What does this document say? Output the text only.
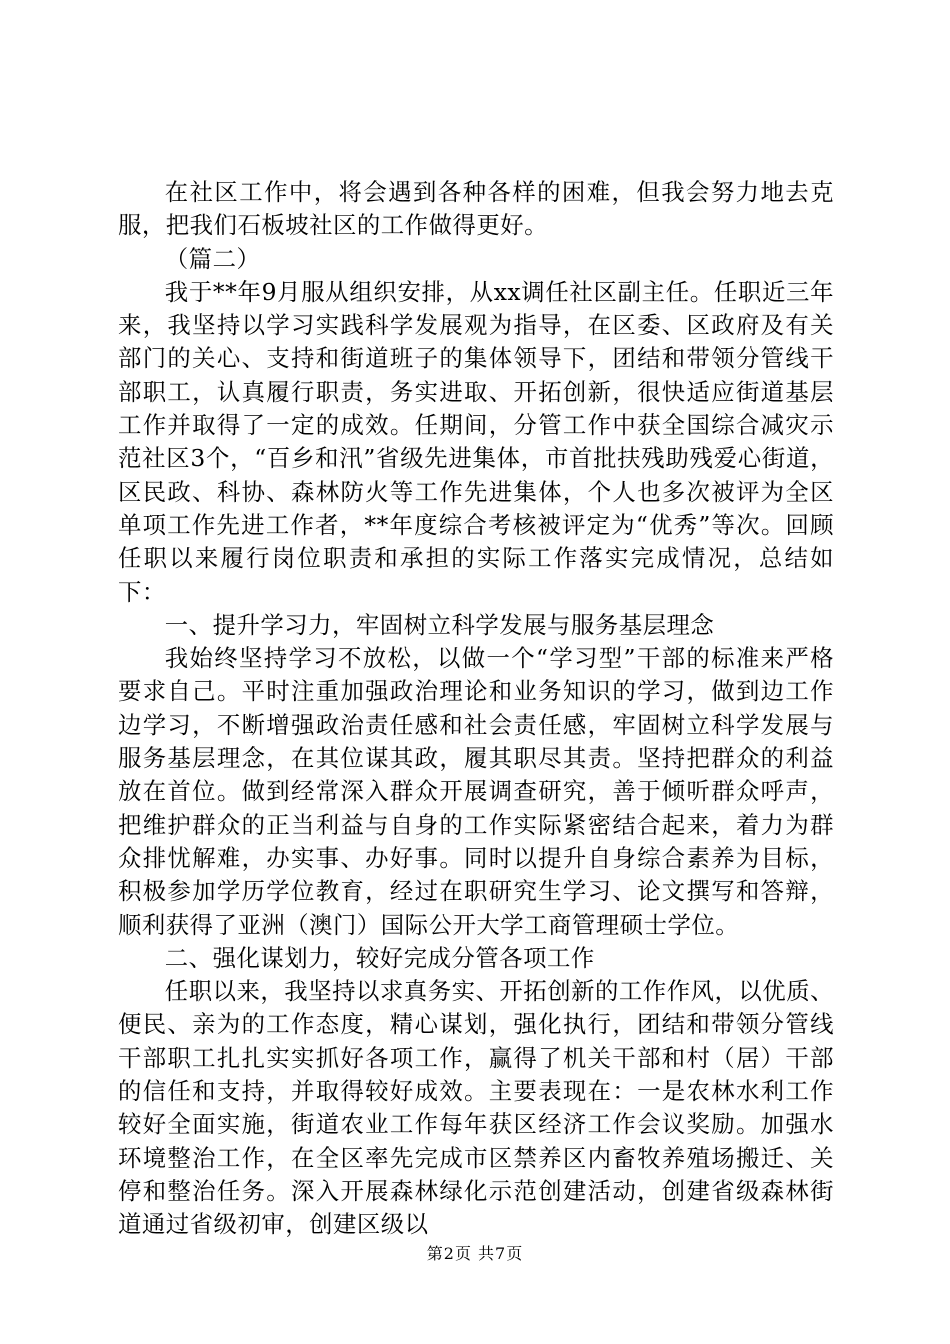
在社区工作中，将会遇到各种各样的困难，但我会努力地去克服，把我们石板坡社区的工作做得更好。

（篇二）

我于**年9月服从组织安排，从xx调任社区副主任。任职近三年来，我坚持以学习实践科学发展观为指导，在区委、区政府及有关部门的关心、支持和街道班子的集体领导下，团结和带领分管线干部职工，认真履行职责，务实进取、开拓创新，很快适应街道基层工作并取得了一定的成效。任期间，分管工作中获全国综合减灾示范社区3个，“百乡和汛”省级先进集体，市首批扶残助残爱心街道，区民政、科协、森林防火等工作先进集体，个人也多次被评为全区单项工作先进工作者，**年度综合考核被评定为“优秀”等次。回顾任职以来履行岗位职责和承担的实际工作落实完成情况，总结如下：

一、提升学习力，牢固树立科学发展与服务基层理念

我始终坚持学习不放松，以做一个“学习型”干部的标准来严格要求自己。平时注重加强政治理论和业务知识的学习，做到边工作边学习，不断增强政治责任感和社会责任感，牢固树立科学发展与服务基层理念，在其位谋其政，履其职尽其责。坚持把群众的利益放在首位。做到经常深入群众开展调查研究，善于倾听群众呼声，把维护群众的正当利益与自身的工作实际紧密结合起来，着力为群众排忧解难，办实事、办好事。同时以提升自身综合素养为目标，积极参加学历学位教育，经过在职研究生学习、论文撰写和答辩，顺利获得了亚洲（澳门）国际公开大学工商管理硕士学位。

二、强化谋划力，较好完成分管各项工作

任职以来，我坚持以求真务实、开拓创新的工作作风，以优质、便民、亲为的工作态度，精心谋划，强化执行，团结和带领分管线干部职工扎扎实实抓好各项工作，赢得了机关干部和村（居）干部的信任和支持，并取得较好成效。主要表现在：一是农林水利工作较好全面实施，街道农业工作每年获区经济工作会议奖励。加强水环境整治工作，在全区率先完成市区禁养区内畜牧养殖场搬迁、关停和整治任务。深入开展森林绿化示范创建活动，创建省级森林街道通过省级初审，创建区级以

第2页 共7页
